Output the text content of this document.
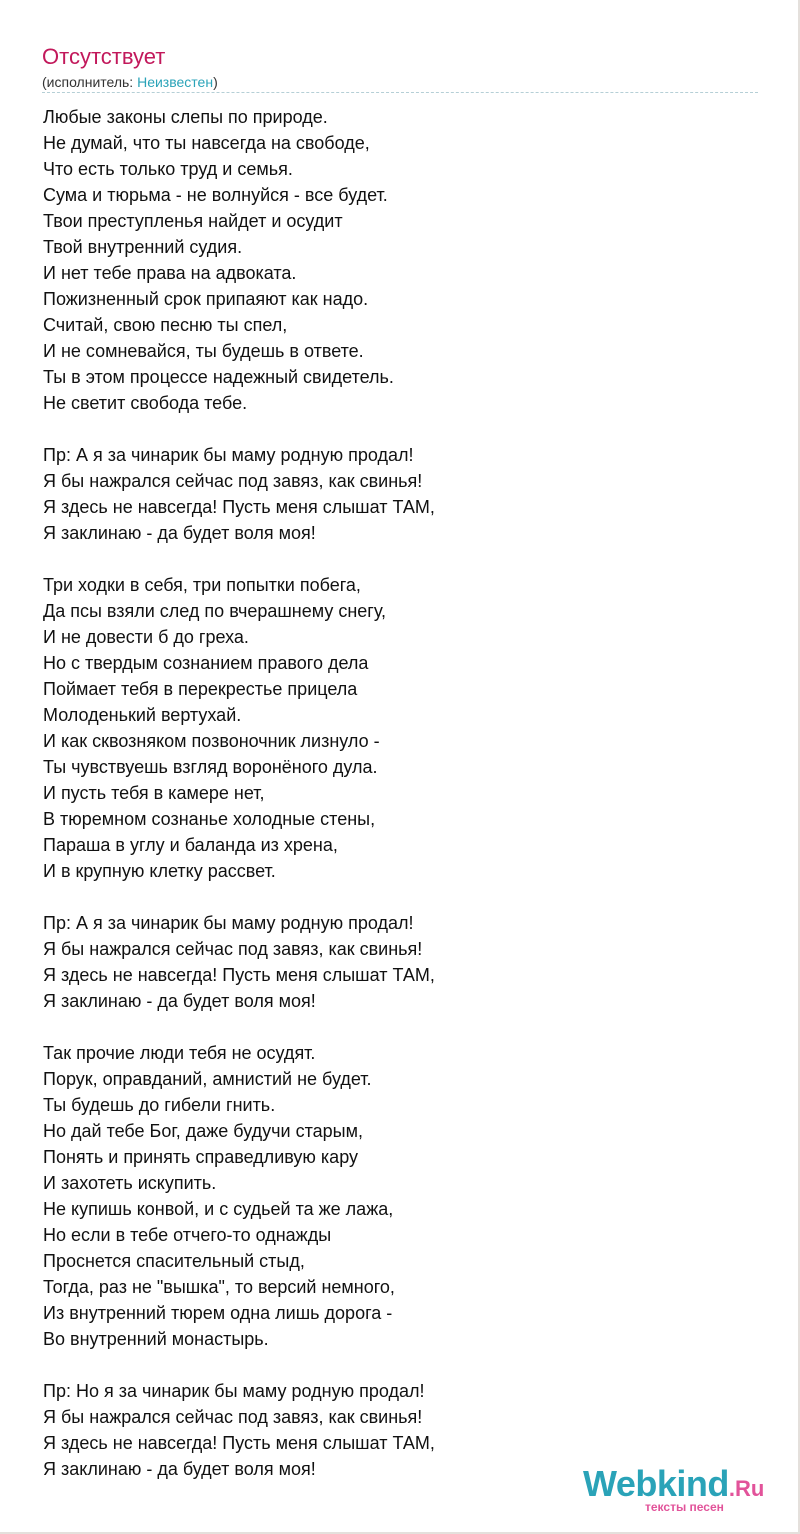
Отсутствует
(исполнитель: Неизвестен)
Любые законы слепы по природе.
Не думай, что ты навсегда на свободе,
Что есть только труд и семья.
Сума и тюрьма - не волнуйся - все будет.
Твои преступленья найдет и осудит
Твой внутренний судия.
И нет тебе права на адвоката.
Пожизненный срок припаяют как надо.
Считай, свою песню ты спел,
И не сомневайся, ты будешь в ответе.
Ты в этом процессе надежный свидетель.
Не светит свобода тебе.
Пр: А я за чинарик бы маму родную продал!
Я бы нажрался сейчас под завяз, как свинья!
Я здесь не навсегда! Пусть меня слышат ТАМ,
Я заклинаю - да будет воля моя!
Три ходки в себя, три попытки побега,
Да псы взяли след по вчерашнему снегу,
И не довести б до греха.
Но с твердым сознанием правого дела
Поймает тебя в перекрестье прицела
Молоденький вертухай.
И как сквозняком позвоночник лизнуло -
Ты чувствуешь взгляд воронёного дула.
И пусть тебя в камере нет,
В тюремном сознанье холодные стены,
Параша в углу и баланда из хрена,
И в крупную клетку рассвет.
Пр: А я за чинарик бы маму родную продал!
Я бы нажрался сейчас под завяз, как свинья!
Я здесь не навсегда! Пусть меня слышат ТАМ,
Я заклинаю - да будет воля моя!
Так прочие люди тебя не осудят.
Порук, оправданий, амнистий не будет.
Ты будешь до гибели гнить.
Но дай тебе Бог, даже будучи старым,
Понять и принять справедливую кару
И захотеть искупить.
Не купишь конвой, и с судьей та же лажа,
Но если в тебе отчего-то однажды
Проснется спасительный стыд,
Тогда, раз не "вышка", то версий немного,
Из внутренний тюрем одна лишь дорога -
Во внутренний монастырь.
Пр: Но я за чинарик бы маму родную продал!
Я бы нажрался сейчас под завяз, как свинья!
Я здесь не навсегда! Пусть меня слышат ТАМ,
Я заклинаю - да будет воля моя!	Webkind.Ru
тексты песен
